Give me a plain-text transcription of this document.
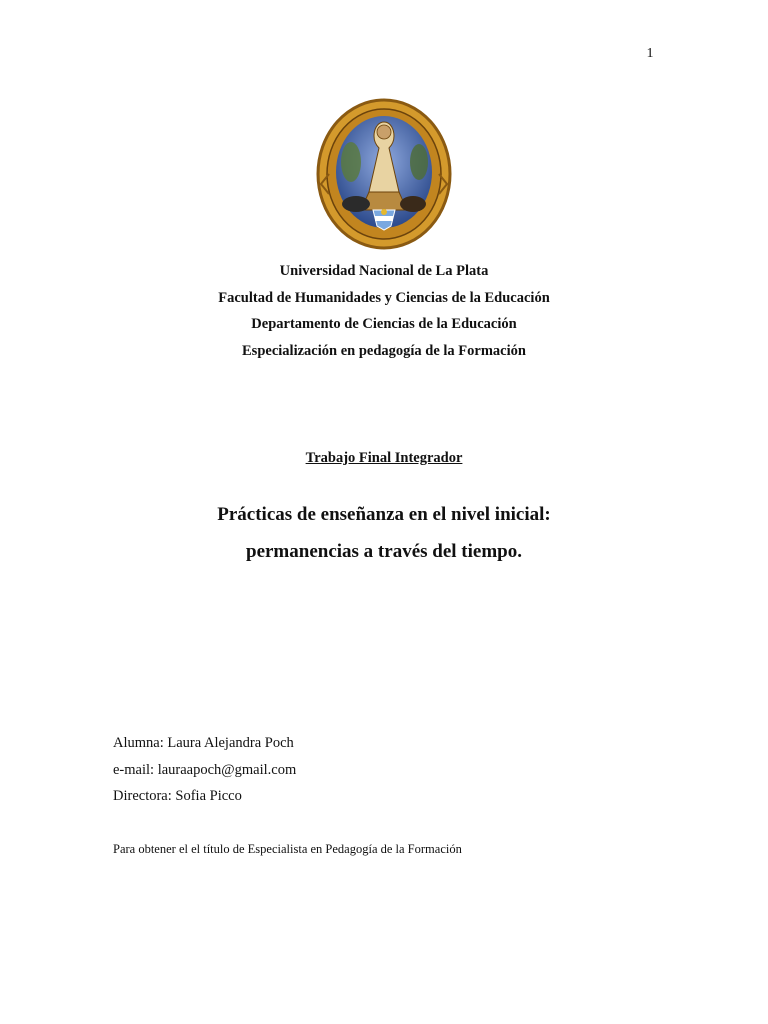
1
Universidad Nacional de La Plata
Facultad de Humanidades y Ciencias de la Educación
Departamento de Ciencias de la Educación
Especialización en pedagogía de la Formación
Trabajo Final Integrador
Prácticas de enseñanza en el nivel inicial:
permanencias a través del tiempo.
Alumna: Laura Alejandra Poch
e-mail: lauraapoch@gmail.com
Directora: Sofia Picco
Para obtener el el título de Especialista en Pedagogía de la Formación
